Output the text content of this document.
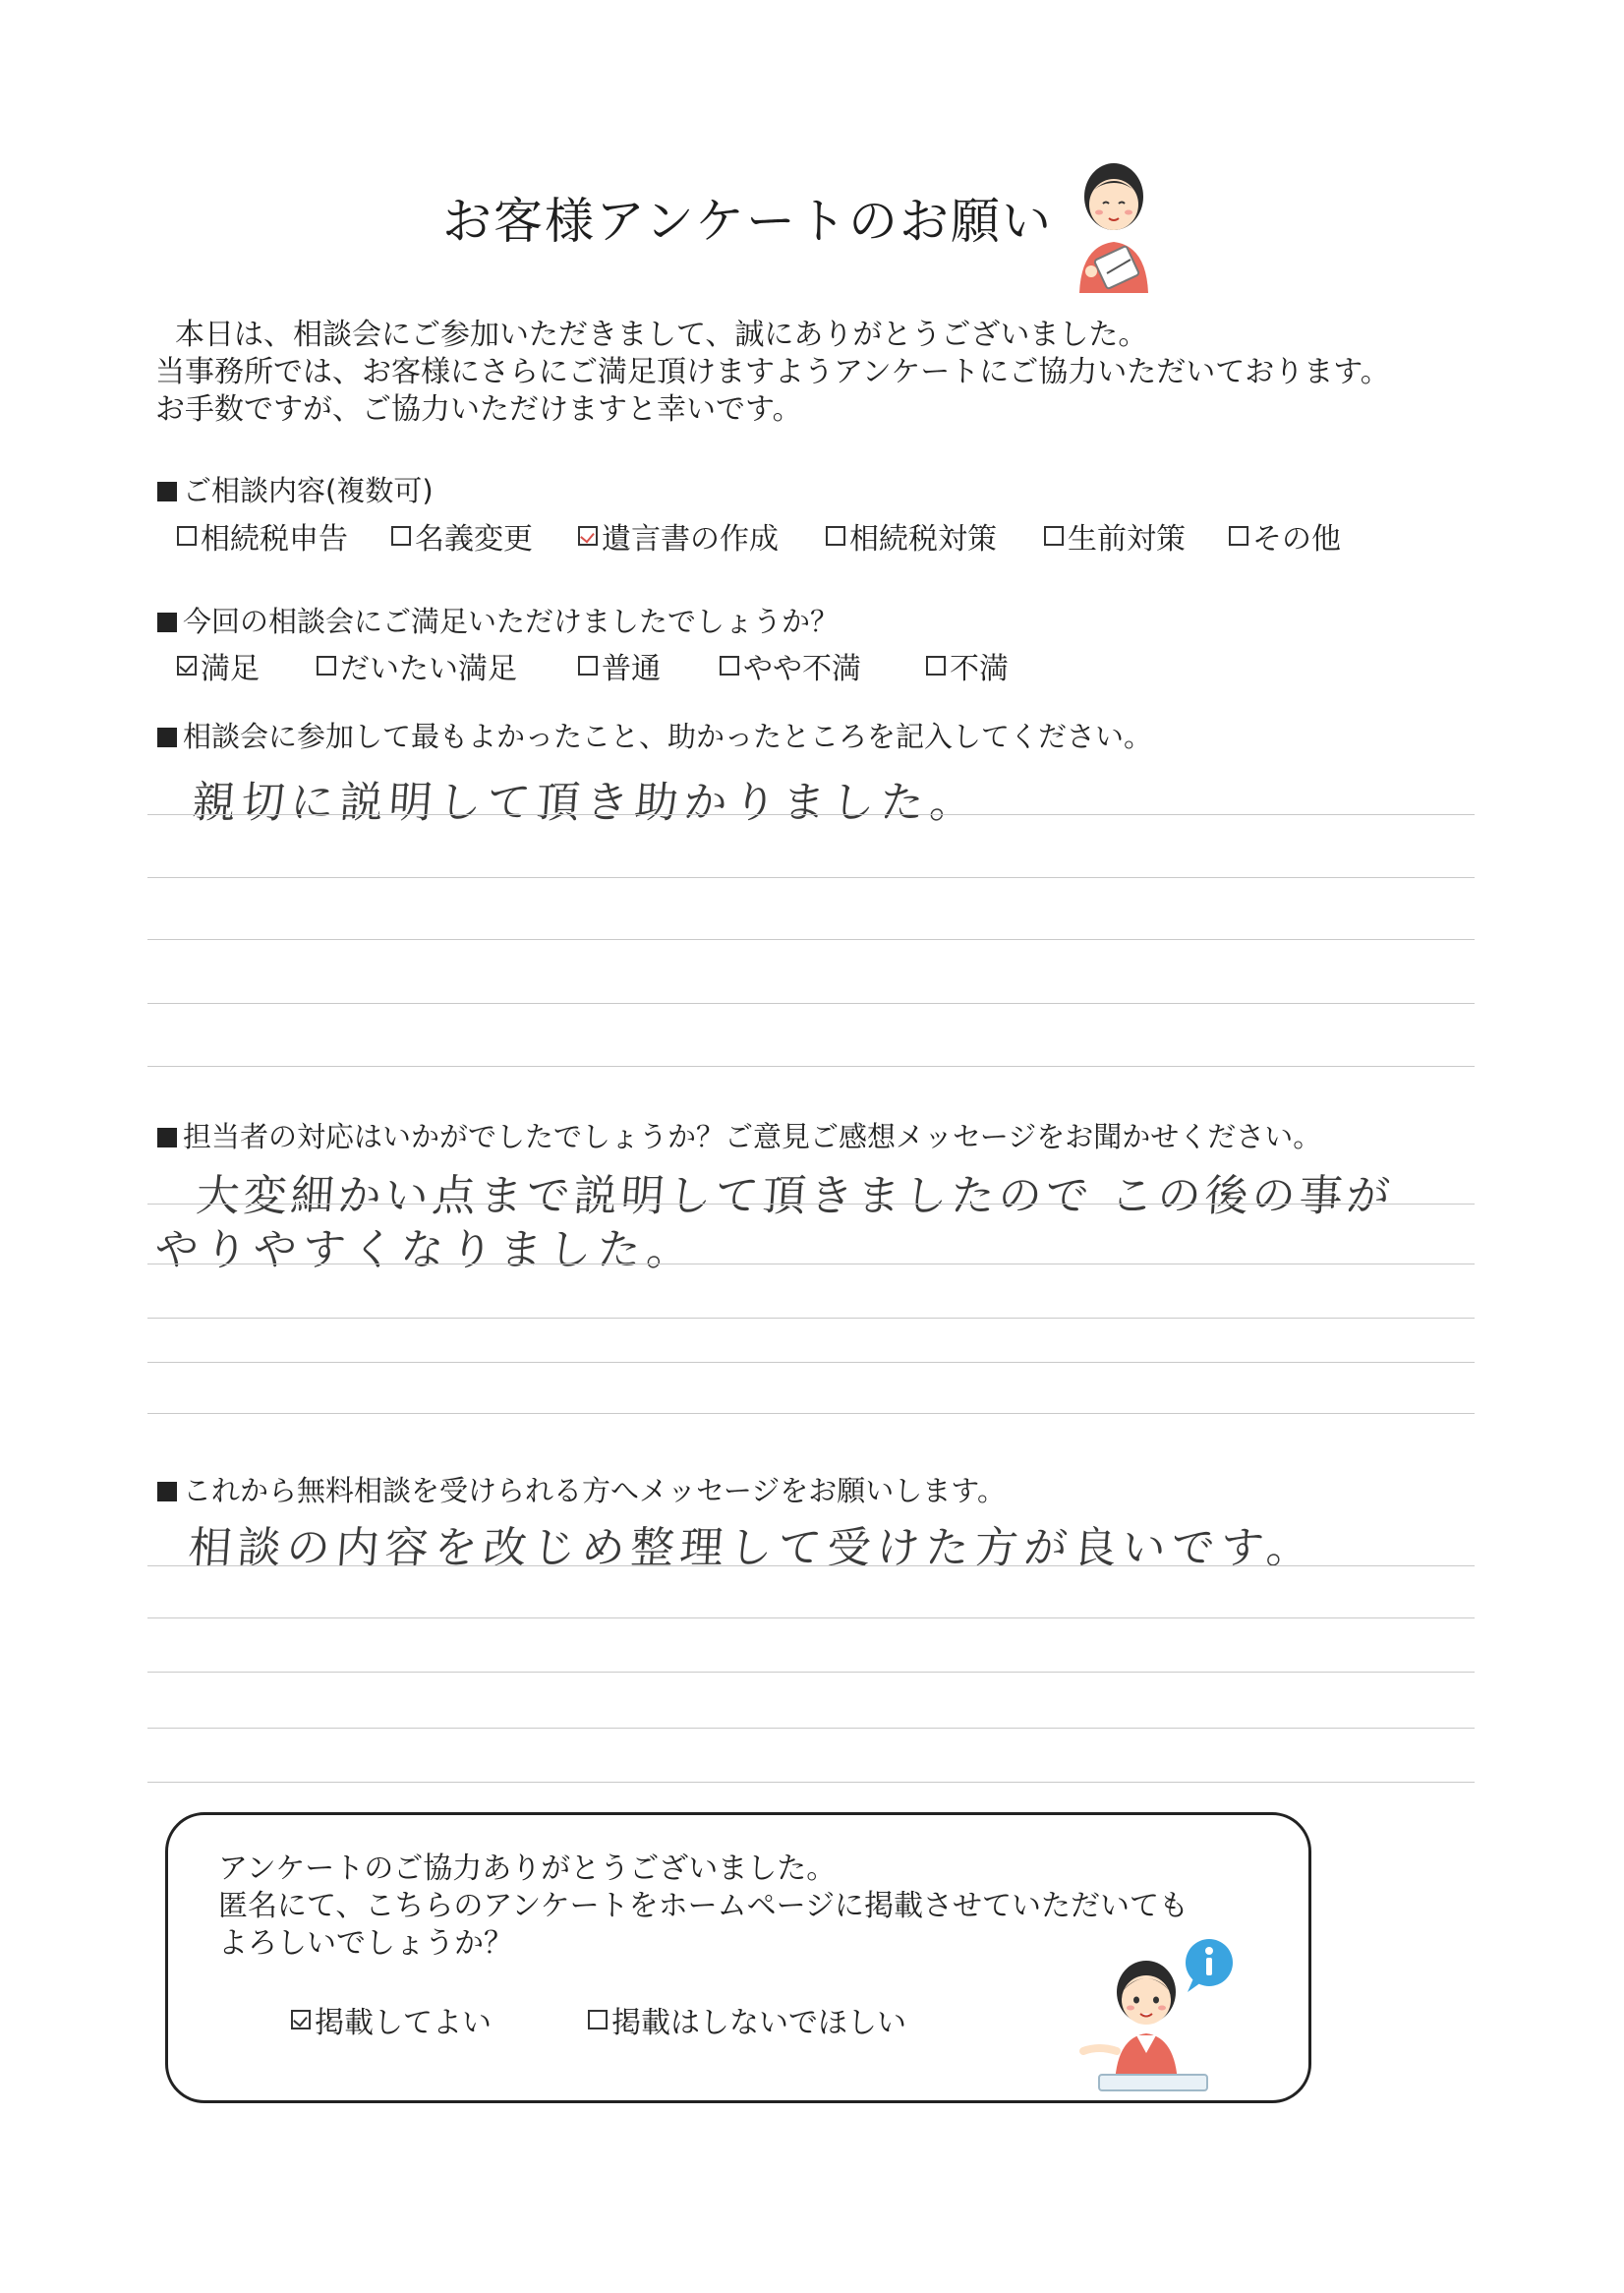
お客様アンケートのお願い
本日は、相談会にご参加いただきまして、誠にありがとうございました。
当事務所では、お客様にさらにご満足頂けますようアンケートにご協力いただいております。
お手数ですが、ご協力いただけますと幸いです。
ご相談内容(複数可)
相続税申告 名義変更 遺言書の作成 相続税対策 生前対策 その他
今回の相談会にご満足いただけましたでしょうか？
満足	だいたい満足	普通	やや不満	不満
相談会に参加して最もよかったこと、助かったところを記入してください。
親切に説明して頂き助かりました。
担当者の対応はいかがでしたでしょうか？ご意見ご感想メッセージをお聞かせください。
大変細かい点まで説明して頂きましたので この後の事が
やりやすくなりました。
これから無料相談を受けられる方へメッセージをお願いします。
相談の内容を改じめ整理して受けた方が良いです。
アンケートのご協力ありがとうございました。
匿名にて、こちらのアンケートをホームページに掲載させていただいても
よろしいでしょうか？
掲載してよい	掲載はしないでほしい
